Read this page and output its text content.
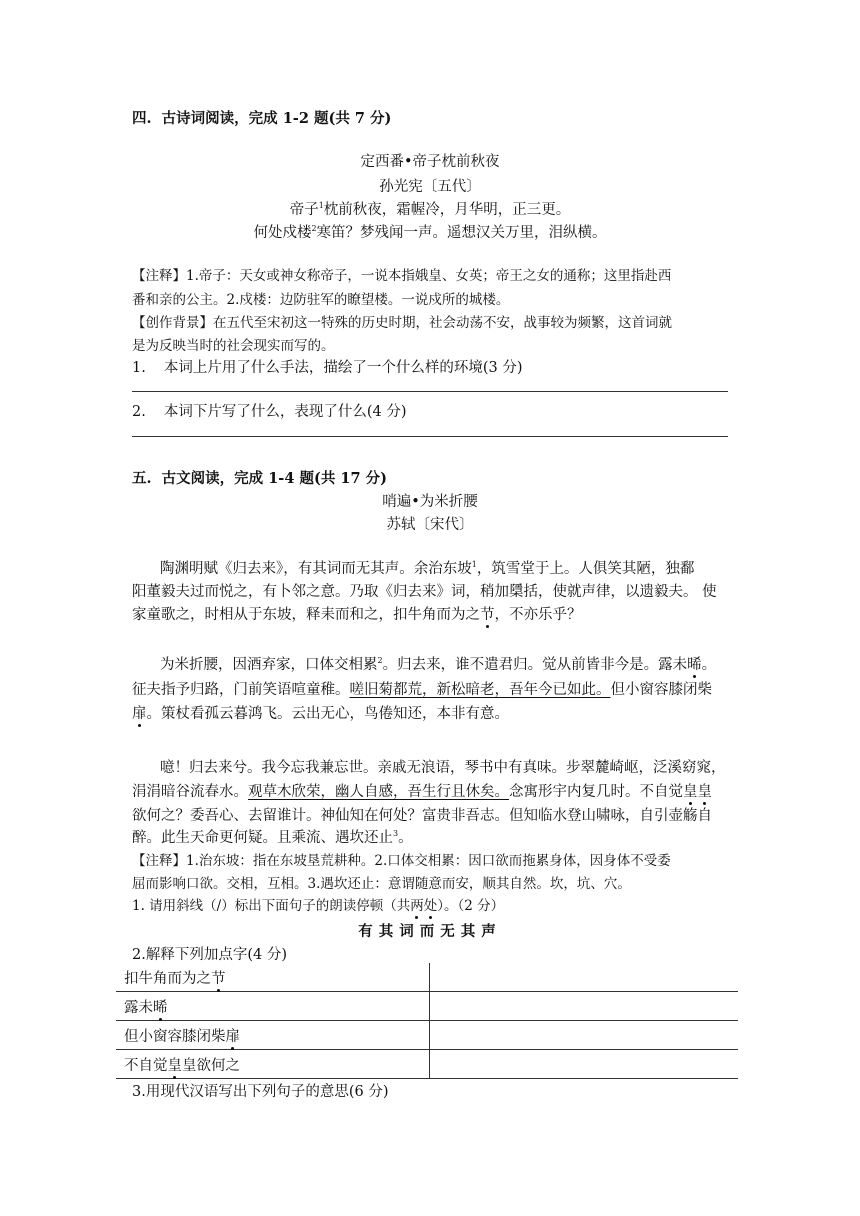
四. 古诗词阅读，完成 1-2 题(共 7 分)
定西番•帝子枕前秋夜
孙光宪〔五代〕
帝子$^1$枕前秋夜，霜幄冷，月华明，正三更。
何处戍楼$^2$寒笛？梦残闻一声。遥想汉关万里，泪纵横。
【注释】1.帝子：天女或神女称帝子，一说本指娥皇、女英；帝王之女的通称；这里指赴西
番和亲的公主。2.戍楼：边防驻军的瞭望楼。一说戍所的城楼。
【创作背景】在五代至宋初这一特殊的历史时期，社会动荡不安，战事较为频繁，这首词就
是为反映当时的社会现实而写的。
1. 本词上片用了什么手法，描绘了一个什么样的环境(3 分)
2. 本词下片写了什么，表现了什么(4 分)
五. 古文阅读，完成 1-4 题(共 17 分)
哨遍•为米折腰
苏轼〔宋代〕
陶渊明赋《归去来》，有其词而无其声。余治东坡$^1$，筑雪堂于上。人俱笑其陋，独鄱
阳董毅夫过而悦之，有卜邻之意。乃取《归去来》词，稍加檃括，使就声律，以遗毅夫。 使
家童歌之，时相从于东坡，释耒而和之，扣牛角而为之节，不亦乐乎？
为米折腰，因酒弃家，口体交相累$^2$。归去来，谁不遣君归。觉从前皆非今是。露未晞。
征夫指予归路，门前笑语喧童稚。嗟旧菊都荒，新松暗老，吾年今已如此。但小窗容膝闭柴
扉。策杖看孤云暮鸿飞。云出无心，鸟倦知还，本非有意。
噫！归去来兮。我今忘我兼忘世。亲戚无浪语，琴书中有真味。步翠麓崎岖，泛溪窈窕，
涓涓暗谷流春水。观草木欣荣，幽人自感，吾生行且休矣。念寓形宇内复几时。不自觉皇皇
欲何之？委吾心、去留谁计。神仙知在何处？富贵非吾志。但知临水登山啸咏，自引壶觞自
醉。此生天命更何疑。且乘流、遇坎还止$^3$。
【注释】1.治东坡：指在东坡垦荒耕种。2.口体交相累：因口欲而拖累身体，因身体不受委
屈而影响口欲。交相，互相。3.遇坎还止：意谓随意而安，顺其自然。坎，坑、穴。
1. 请用斜线（/）标出下面句子的朗读停顿（共两处）。（2 分）
有其词而无其声
2.解释下列加点字(4 分)
扣牛角而为之节	
露未晞	
但小窗容膝闭柴扉	
不自觉皇皇欲何之	
3.用现代汉语写出下列句子的意思(6 分)
